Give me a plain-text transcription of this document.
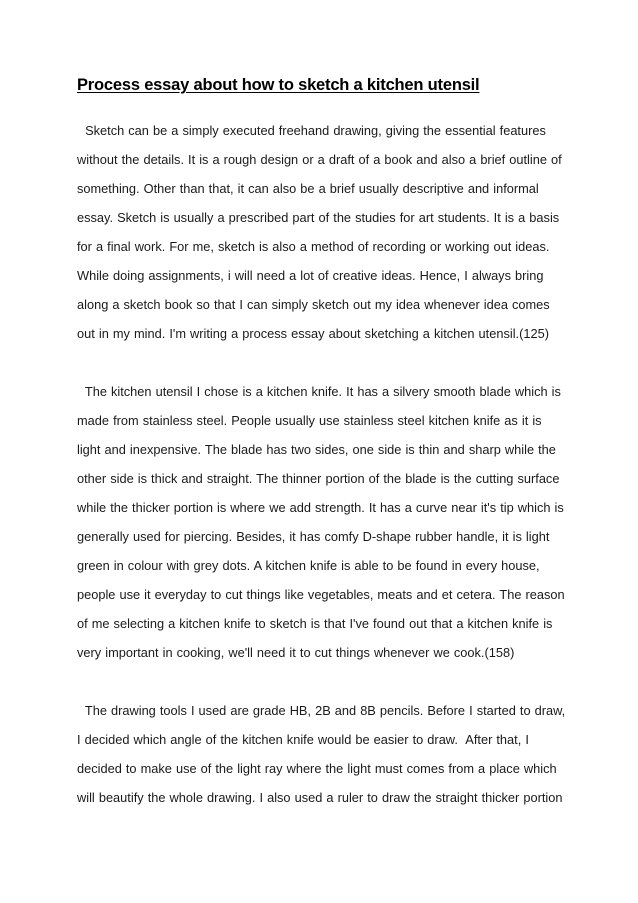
Process essay about how to sketch a kitchen utensil
Sketch can be a simply executed freehand drawing, giving the essential features
without the details. It is a rough design or a draft of a book and also a brief outline of
something. Other than that, it can also be a brief usually descriptive and informal
essay. Sketch is usually a prescribed part of the studies for art students. It is a basis
for a final work. For me, sketch is also a method of recording or working out ideas.
While doing assignments, i will need a lot of creative ideas. Hence, I always bring
along a sketch book so that I can simply sketch out my idea whenever idea comes
out in my mind. I'm writing a process essay about sketching a kitchen utensil.(125)
The kitchen utensil I chose is a kitchen knife. It has a silvery smooth blade which is
made from stainless steel. People usually use stainless steel kitchen knife as it is
light and inexpensive. The blade has two sides, one side is thin and sharp while the
other side is thick and straight. The thinner portion of the blade is the cutting surface
while the thicker portion is where we add strength. It has a curve near it's tip which is
generally used for piercing. Besides, it has comfy D-shape rubber handle, it is light
green in colour with grey dots. A kitchen knife is able to be found in every house,
people use it everyday to cut things like vegetables, meats and et cetera. The reason
of me selecting a kitchen knife to sketch is that I've found out that a kitchen knife is
very important in cooking, we'll need it to cut things whenever we cook.(158)
The drawing tools I used are grade HB, 2B and 8B pencils. Before I started to draw,
I decided which angle of the kitchen knife would be easier to draw.  After that, I
decided to make use of the light ray where the light must comes from a place which
will beautify the whole drawing. I also used a ruler to draw the straight thicker portion
